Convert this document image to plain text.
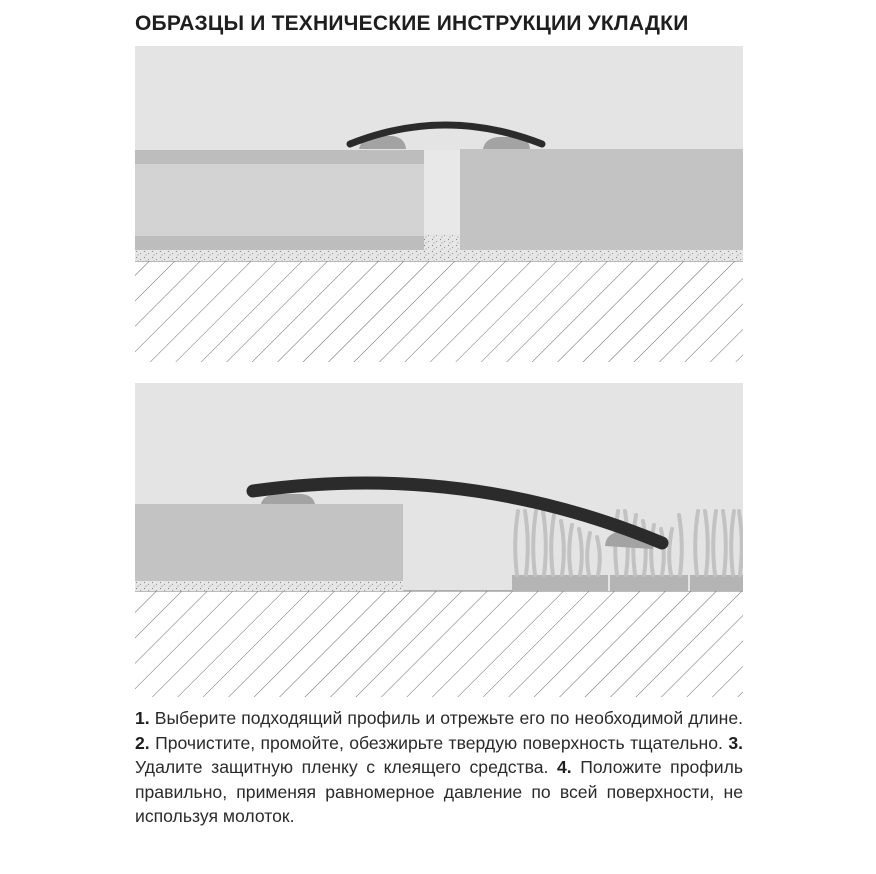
ОБРАЗЦЫ И ТЕХНИЧЕСКИЕ ИНСТРУКЦИИ УКЛАДКИ

1. Выберите подходящий профиль и отрежьте его по необходимой длине. 2. Прочистите, промойте, обезжирьте твердую поверхность тщательно. 3. Удалите защитную пленку с клеящего средства. 4. Положите профиль правильно, применяя равномерное давление по всей поверхности, не используя молоток.
